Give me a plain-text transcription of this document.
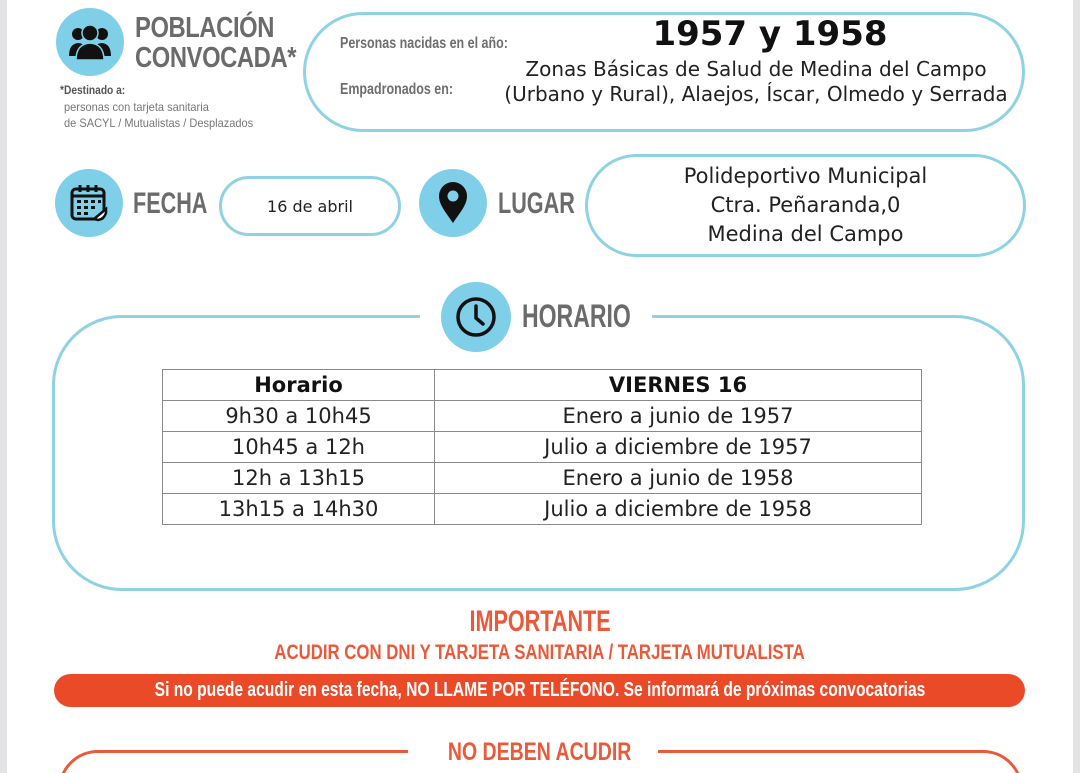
POBLACIÓN
CONVOCADA*
*Destinado a:
personas con tarjeta sanitaria
de SACYL / Mutualistas / Desplazados
Personas nacidas en el año:	1957 y 1958
Empadronados en:
Zonas Básicas de Salud de Medina del Campo (Urbano y Rural), Alaejos, Íscar, Olmedo y Serrada
FECHA	16 de abril	LUGAR
Polideportivo Municipal
Ctra. Peñaranda,0
Medina del Campo
HORARIO
Horario	VIERNES 16
9h30 a 10h45	Enero a junio de 1957
10h45 a 12h	Julio a diciembre de 1957
12h a 13h15	Enero a junio de 1958
13h15 a 14h30	Julio a diciembre de 1958
IMPORTANTE
ACUDIR CON DNI Y TARJETA SANITARIA / TARJETA MUTUALISTA
Si no puede acudir en esta fecha, NO LLAME POR TELÉFONO. Se informará de próximas convocatorias
NO DEBEN ACUDIR
